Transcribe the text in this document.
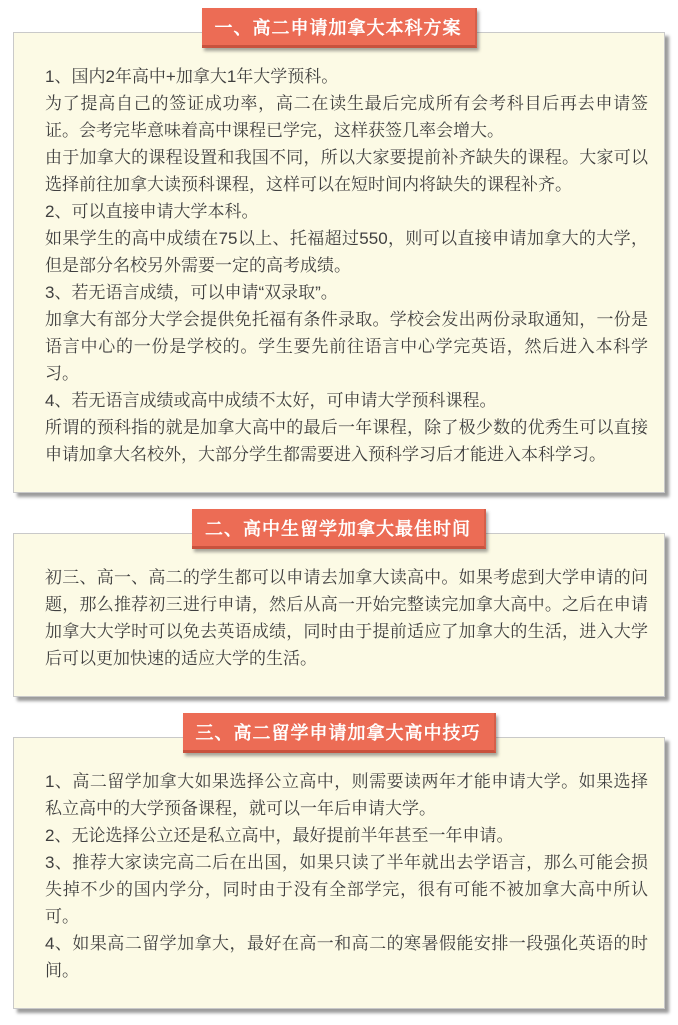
一、高二申请加拿大本科方案

1、国内2年高中+加拿大1年大学预科。

为了提高自己的签证成功率，高二在读生最后完成所有会考科目后再去申请签证。会考完毕意味着高中课程已学完，这样获签几率会增大。

由于加拿大的课程设置和我国不同，所以大家要提前补齐缺失的课程。大家可以选择前往加拿大读预科课程，这样可以在短时间内将缺失的课程补齐。

2、可以直接申请大学本科。

如果学生的高中成绩在75以上、托福超过550，则可以直接申请加拿大的大学，但是部分名校另外需要一定的高考成绩。

3、若无语言成绩，可以申请“双录取”。

加拿大有部分大学会提供免托福有条件录取。学校会发出两份录取通知，一份是语言中心的一份是学校的。学生要先前往语言中心学完英语，然后进入本科学习。

4、若无语言成绩或高中成绩不太好，可申请大学预科课程。

所谓的预科指的就是加拿大高中的最后一年课程，除了极少数的优秀生可以直接申请加拿大名校外，大部分学生都需要进入预科学习后才能进入本科学习。

二、高中生留学加拿大最佳时间

初三、高一、高二的学生都可以申请去加拿大读高中。如果考虑到大学申请的问题，那么推荐初三进行申请，然后从高一开始完整读完加拿大高中。之后在申请加拿大大学时可以免去英语成绩，同时由于提前适应了加拿大的生活，进入大学后可以更加快速的适应大学的生活。

三、高二留学申请加拿大高中技巧

1、高二留学加拿大如果选择公立高中，则需要读两年才能申请大学。如果选择私立高中的大学预备课程，就可以一年后申请大学。

2、无论选择公立还是私立高中，最好提前半年甚至一年申请。

3、推荐大家读完高二后在出国，如果只读了半年就出去学语言，那么可能会损失掉不少的国内学分，同时由于没有全部学完，很有可能不被加拿大高中所认可。

4、如果高二留学加拿大，最好在高一和高二的寒暑假能安排一段强化英语的时间。
